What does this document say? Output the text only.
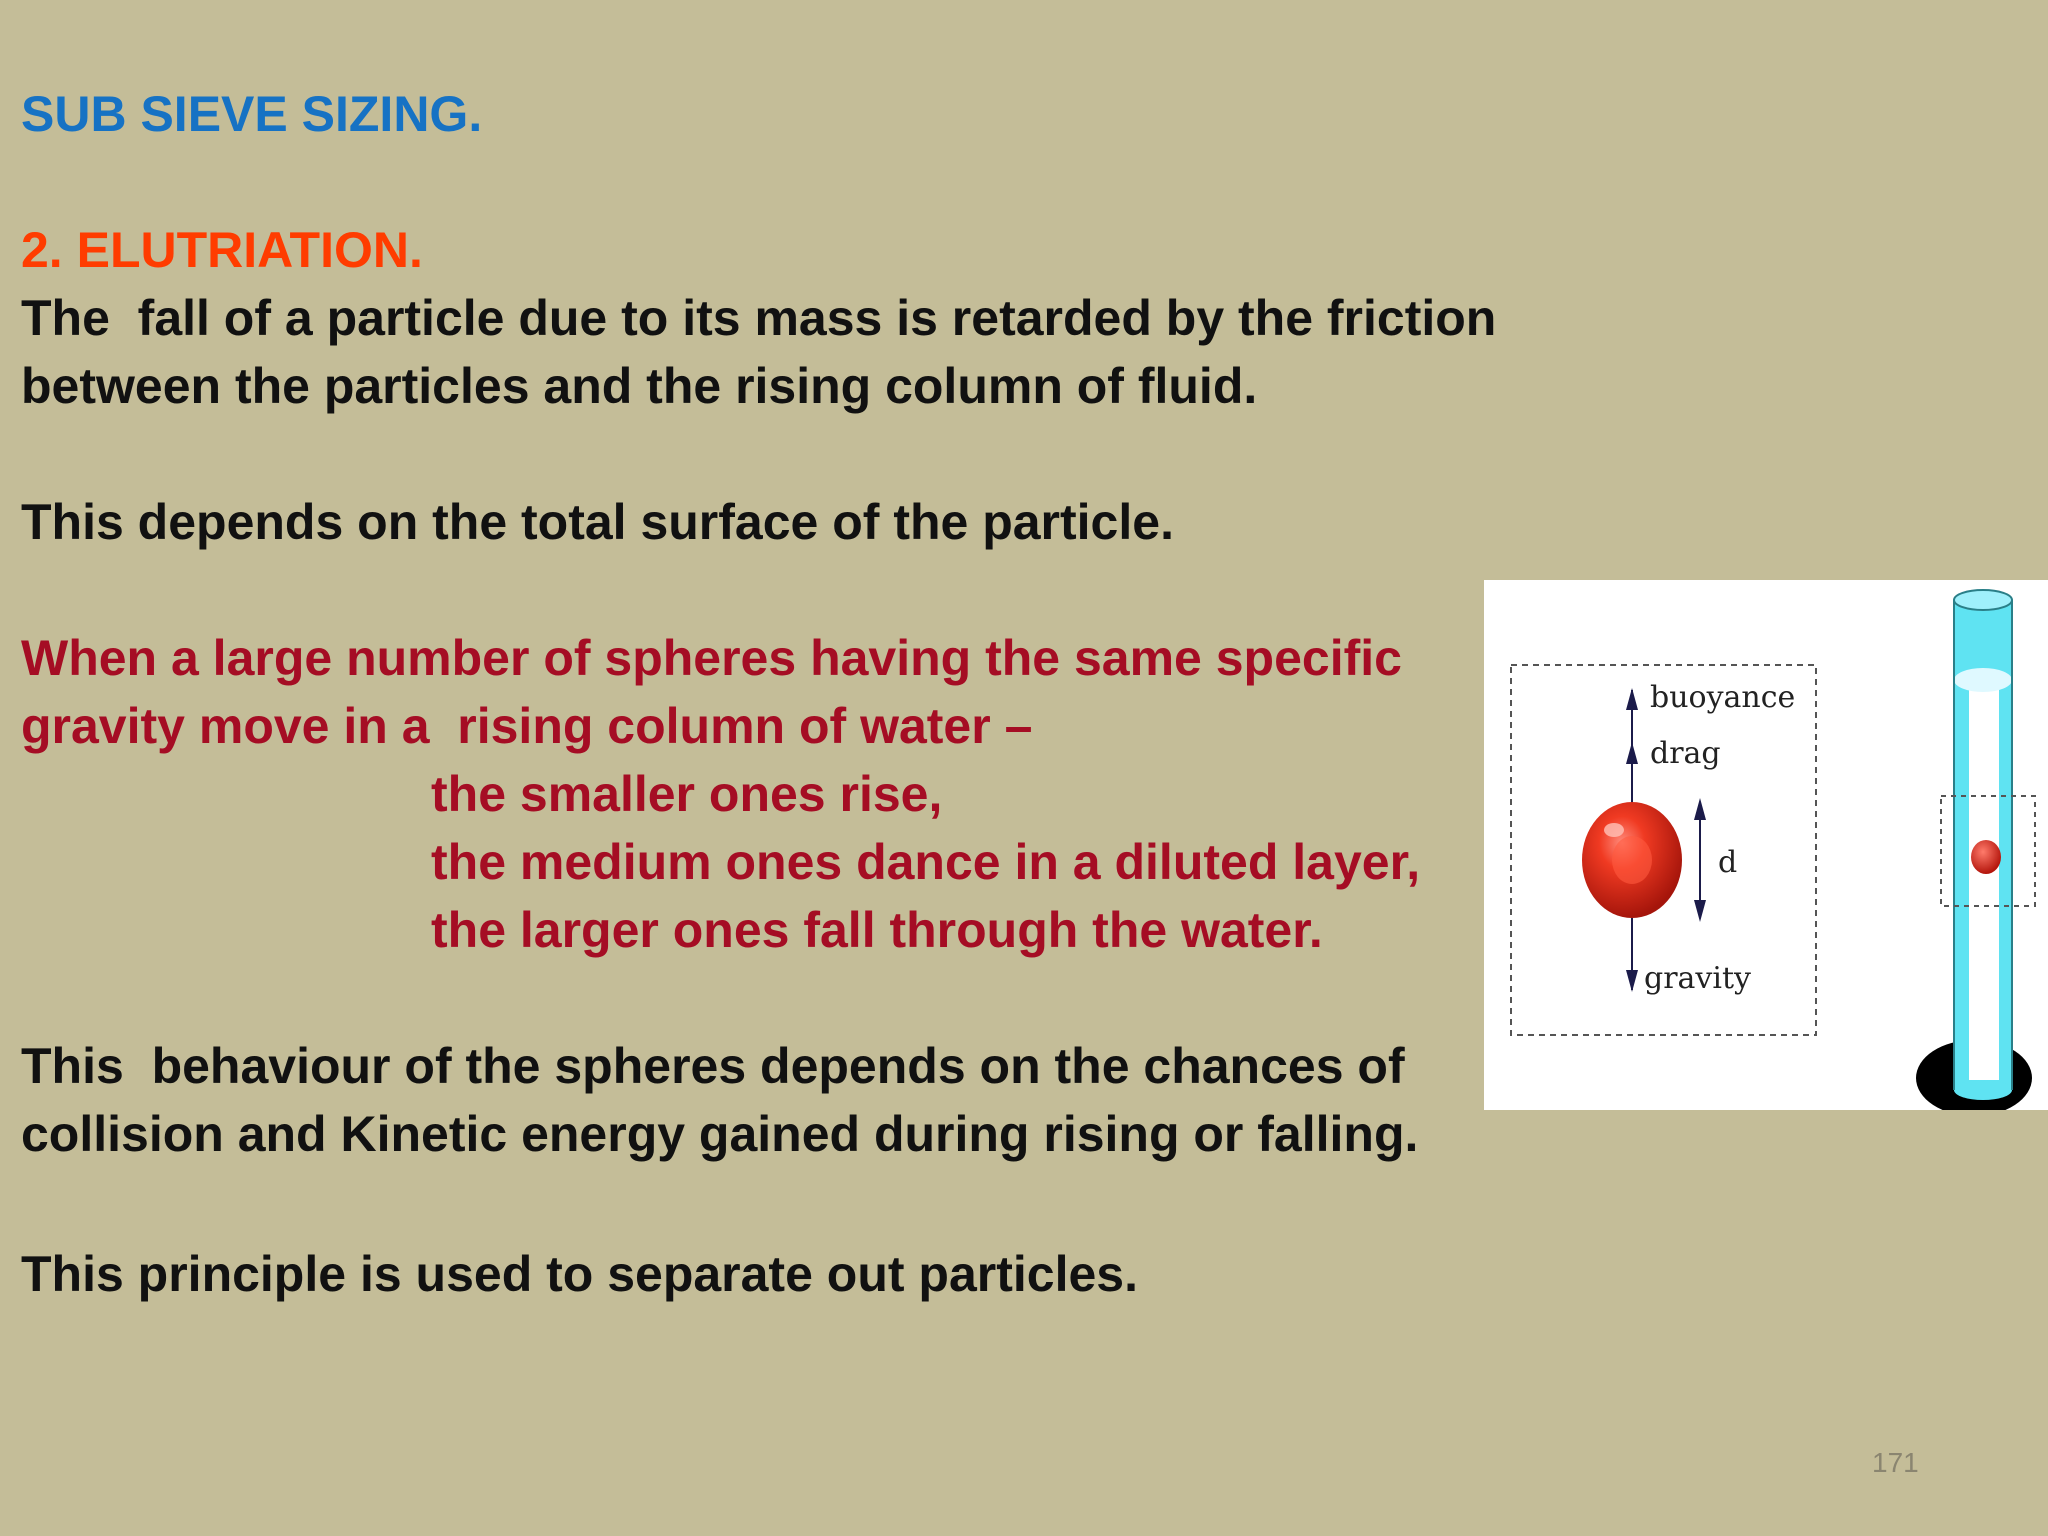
SUB SIEVE SIZING.

2. ELUTRIATION.

The  fall of a particle due to its mass is retarded by the friction
between the particles and the rising column of fluid.

This depends on the total surface of the particle.

When a large number of spheres having the same specific
gravity move in a  rising column of water –

the smaller ones rise,
the medium ones dance in a diluted layer,
the larger ones fall through the water.

This  behaviour of the spheres depends on the chances of
collision and Kinetic energy gained during rising or falling.

This principle is used to separate out particles.

buoyance
drag
gravity
d
171
